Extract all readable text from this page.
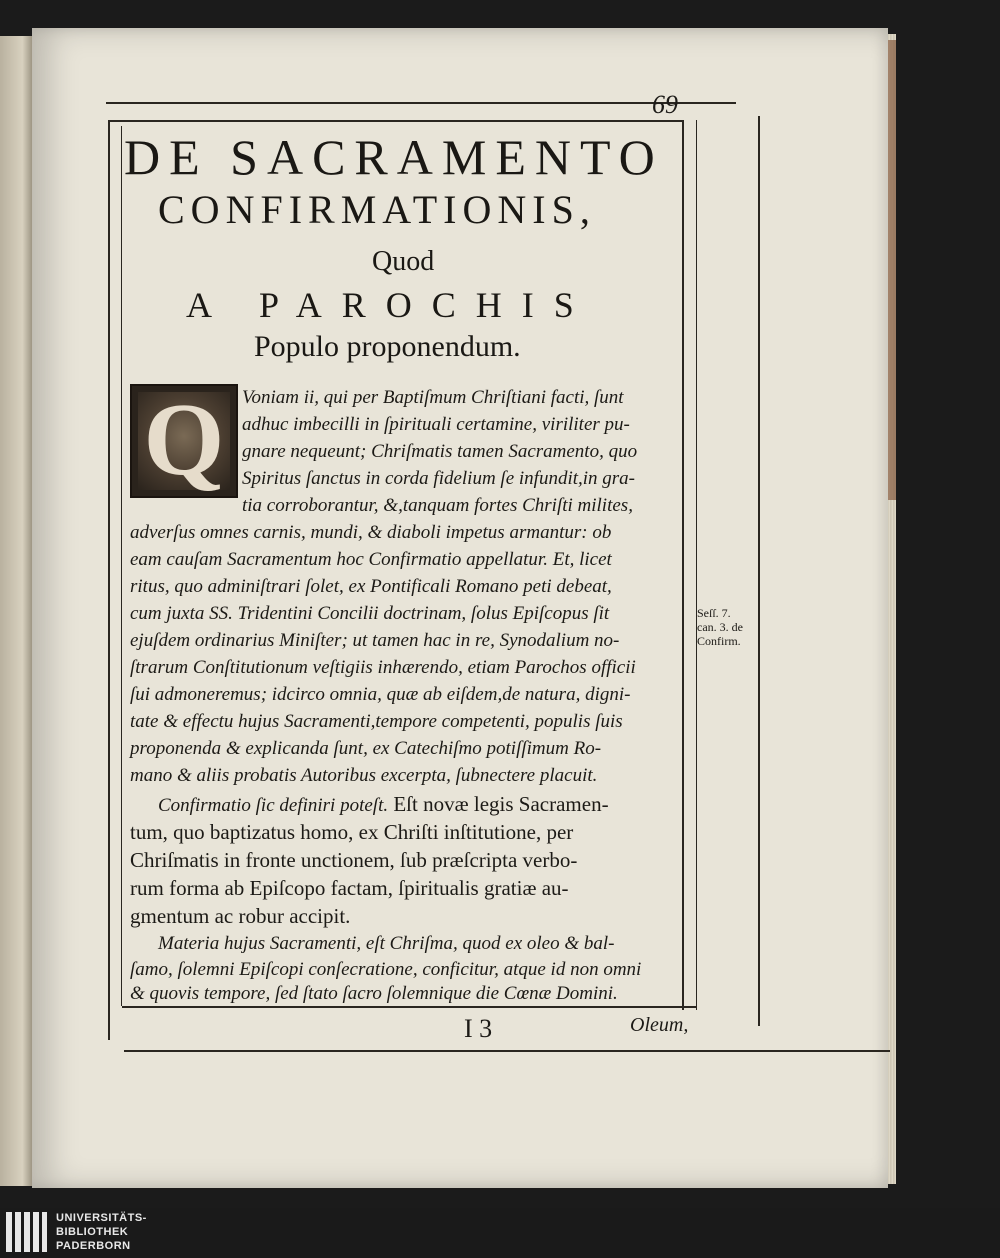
69
DE SACRAMENTO
CONFIRMATIONIS,
Quod
A PAROCHIS
Populo proponendum.
Q Voniam ii, qui per Baptiſmum Chriſtiani facti, ſunt
adhuc imbecilli in ſpirituali certamine, viriliter pu-
gnare nequeunt; Chriſmatis tamen Sacramento, quo
Spiritus ſanctus in corda fidelium ſe infundit,in gra-
tia corroborantur, &,tanquam fortes Chriſti milites,
adverſus omnes carnis, mundi, & diaboli impetus armantur: ob
eam cauſam Sacramentum hoc Confirmatio appellatur. Et, licet
ritus, quo adminiſtrari ſolet, ex Pontificali Romano peti debeat,
cum juxta SS. Tridentini Concilii doctrinam, ſolus Epiſcopus ſit
ejuſdem ordinarius Miniſter; ut tamen hac in re, Synodalium no-
ſtrarum Conſtitutionum veſtigiis inhærendo, etiam Parochos officii
ſui admoneremus; idcirco omnia, quæ ab eiſdem,de natura, digni-
tate & effectu hujus Sacramenti,tempore competenti, populis ſuis
proponenda & explicanda ſunt, ex Catechiſmo potiſſimum Ro-
mano & aliis probatis Autoribus excerpta, ſubnectere placuit.
Seſſ. 7.
can. 3. de
Confirm.
Confirmatio ſic definiri poteſt. Eſt novæ legis Sacramen-
tum, quo baptizatus homo, ex Chriſti inſtitutione, per
Chriſmatis in fronte unctionem, ſub præſcripta verbo-
rum forma ab Epiſcopo factam, ſpiritualis gratiæ au-
gmentum ac robur accipit.
Materia hujus Sacramenti, eſt Chriſma, quod ex oleo & bal-
ſamo, ſolemni Epiſcopi conſecratione, conficitur, atque id non omni
& quovis tempore, ſed ſtato ſacro ſolemnique die Cœnæ Domini.
I 3	Oleum,
UNIVERSITÄTS-
BIBLIOTHEK
PADERBORN
